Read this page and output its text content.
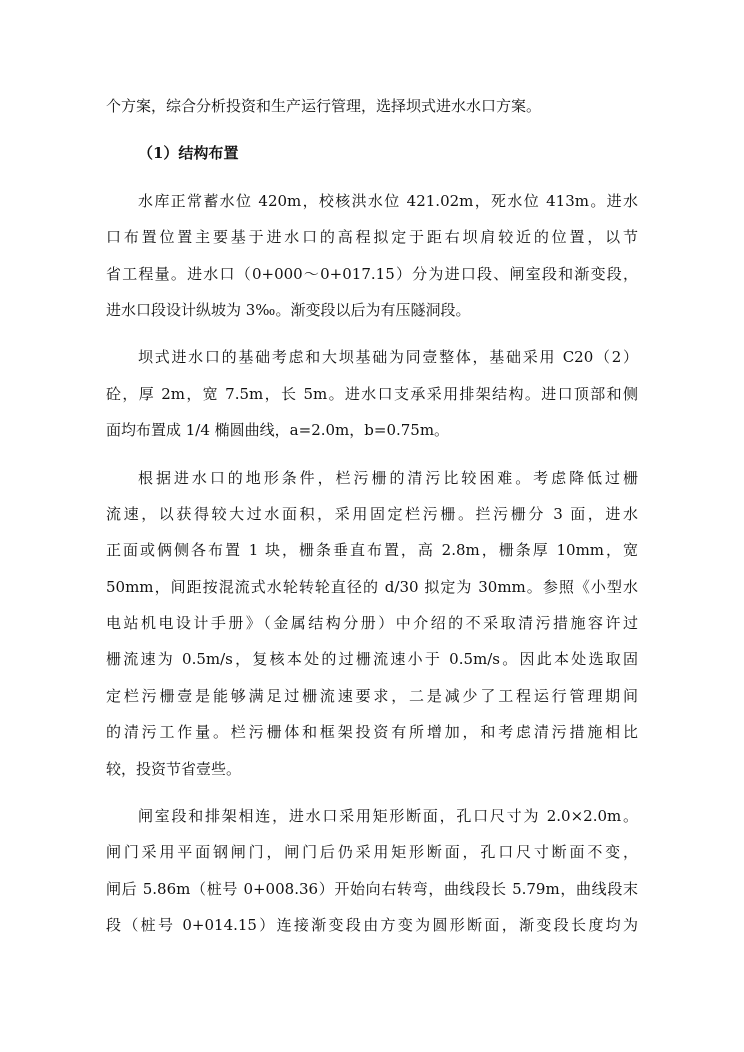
个方案，综合分析投资和生产运行管理，选择坝式进水水口方案。
（1）结构布置
水库正常蓄水位 420m，校核洪水位 421.02m，死水位 413m。进水
口布置位置主要基于进水口的高程拟定于距右坝肩较近的位置，以节
省工程量。进水口（0+000～0+017.15）分为进口段、闸室段和渐变段，
进水口段设计纵坡为 3‰。渐变段以后为有压隧洞段。
坝式进水口的基础考虑和大坝基础为同壹整体，基础采用 C20（2）
砼，厚 2m，宽 7.5m，长 5m。进水口支承采用排架结构。进口顶部和侧
面均布置成 1/4 椭圆曲线，a=2.0m，b=0.75m。
根据进水口的地形条件，栏污栅的清污比较困难。考虑降低过栅
流速，以获得较大过水面积，采用固定栏污栅。拦污栅分 3 面，进水
正面或俩侧各布置 1 块，栅条垂直布置，高 2.8m，栅条厚 10mm，宽
50mm，间距按混流式水轮转轮直径的 d/30 拟定为 30mm。参照《小型水
电站机电设计手册》（金属结构分册）中介绍的不采取清污措施容许过
栅流速为 0.5m/s，复核本处的过栅流速小于 0.5m/s。因此本处选取固
定栏污栅壹是能够满足过栅流速要求，二是减少了工程运行管理期间
的清污工作量。栏污栅体和框架投资有所增加，和考虑清污措施相比
较，投资节省壹些。
闸室段和排架相连，进水口采用矩形断面，孔口尺寸为 2.0×2.0m。
闸门采用平面钢闸门，闸门后仍采用矩形断面，孔口尺寸断面不变，
闸后 5.86m（桩号 0+008.36）开始向右转弯，曲线段长 5.79m，曲线段末
段（桩号 0+014.15）连接渐变段由方变为圆形断面，渐变段长度均为
